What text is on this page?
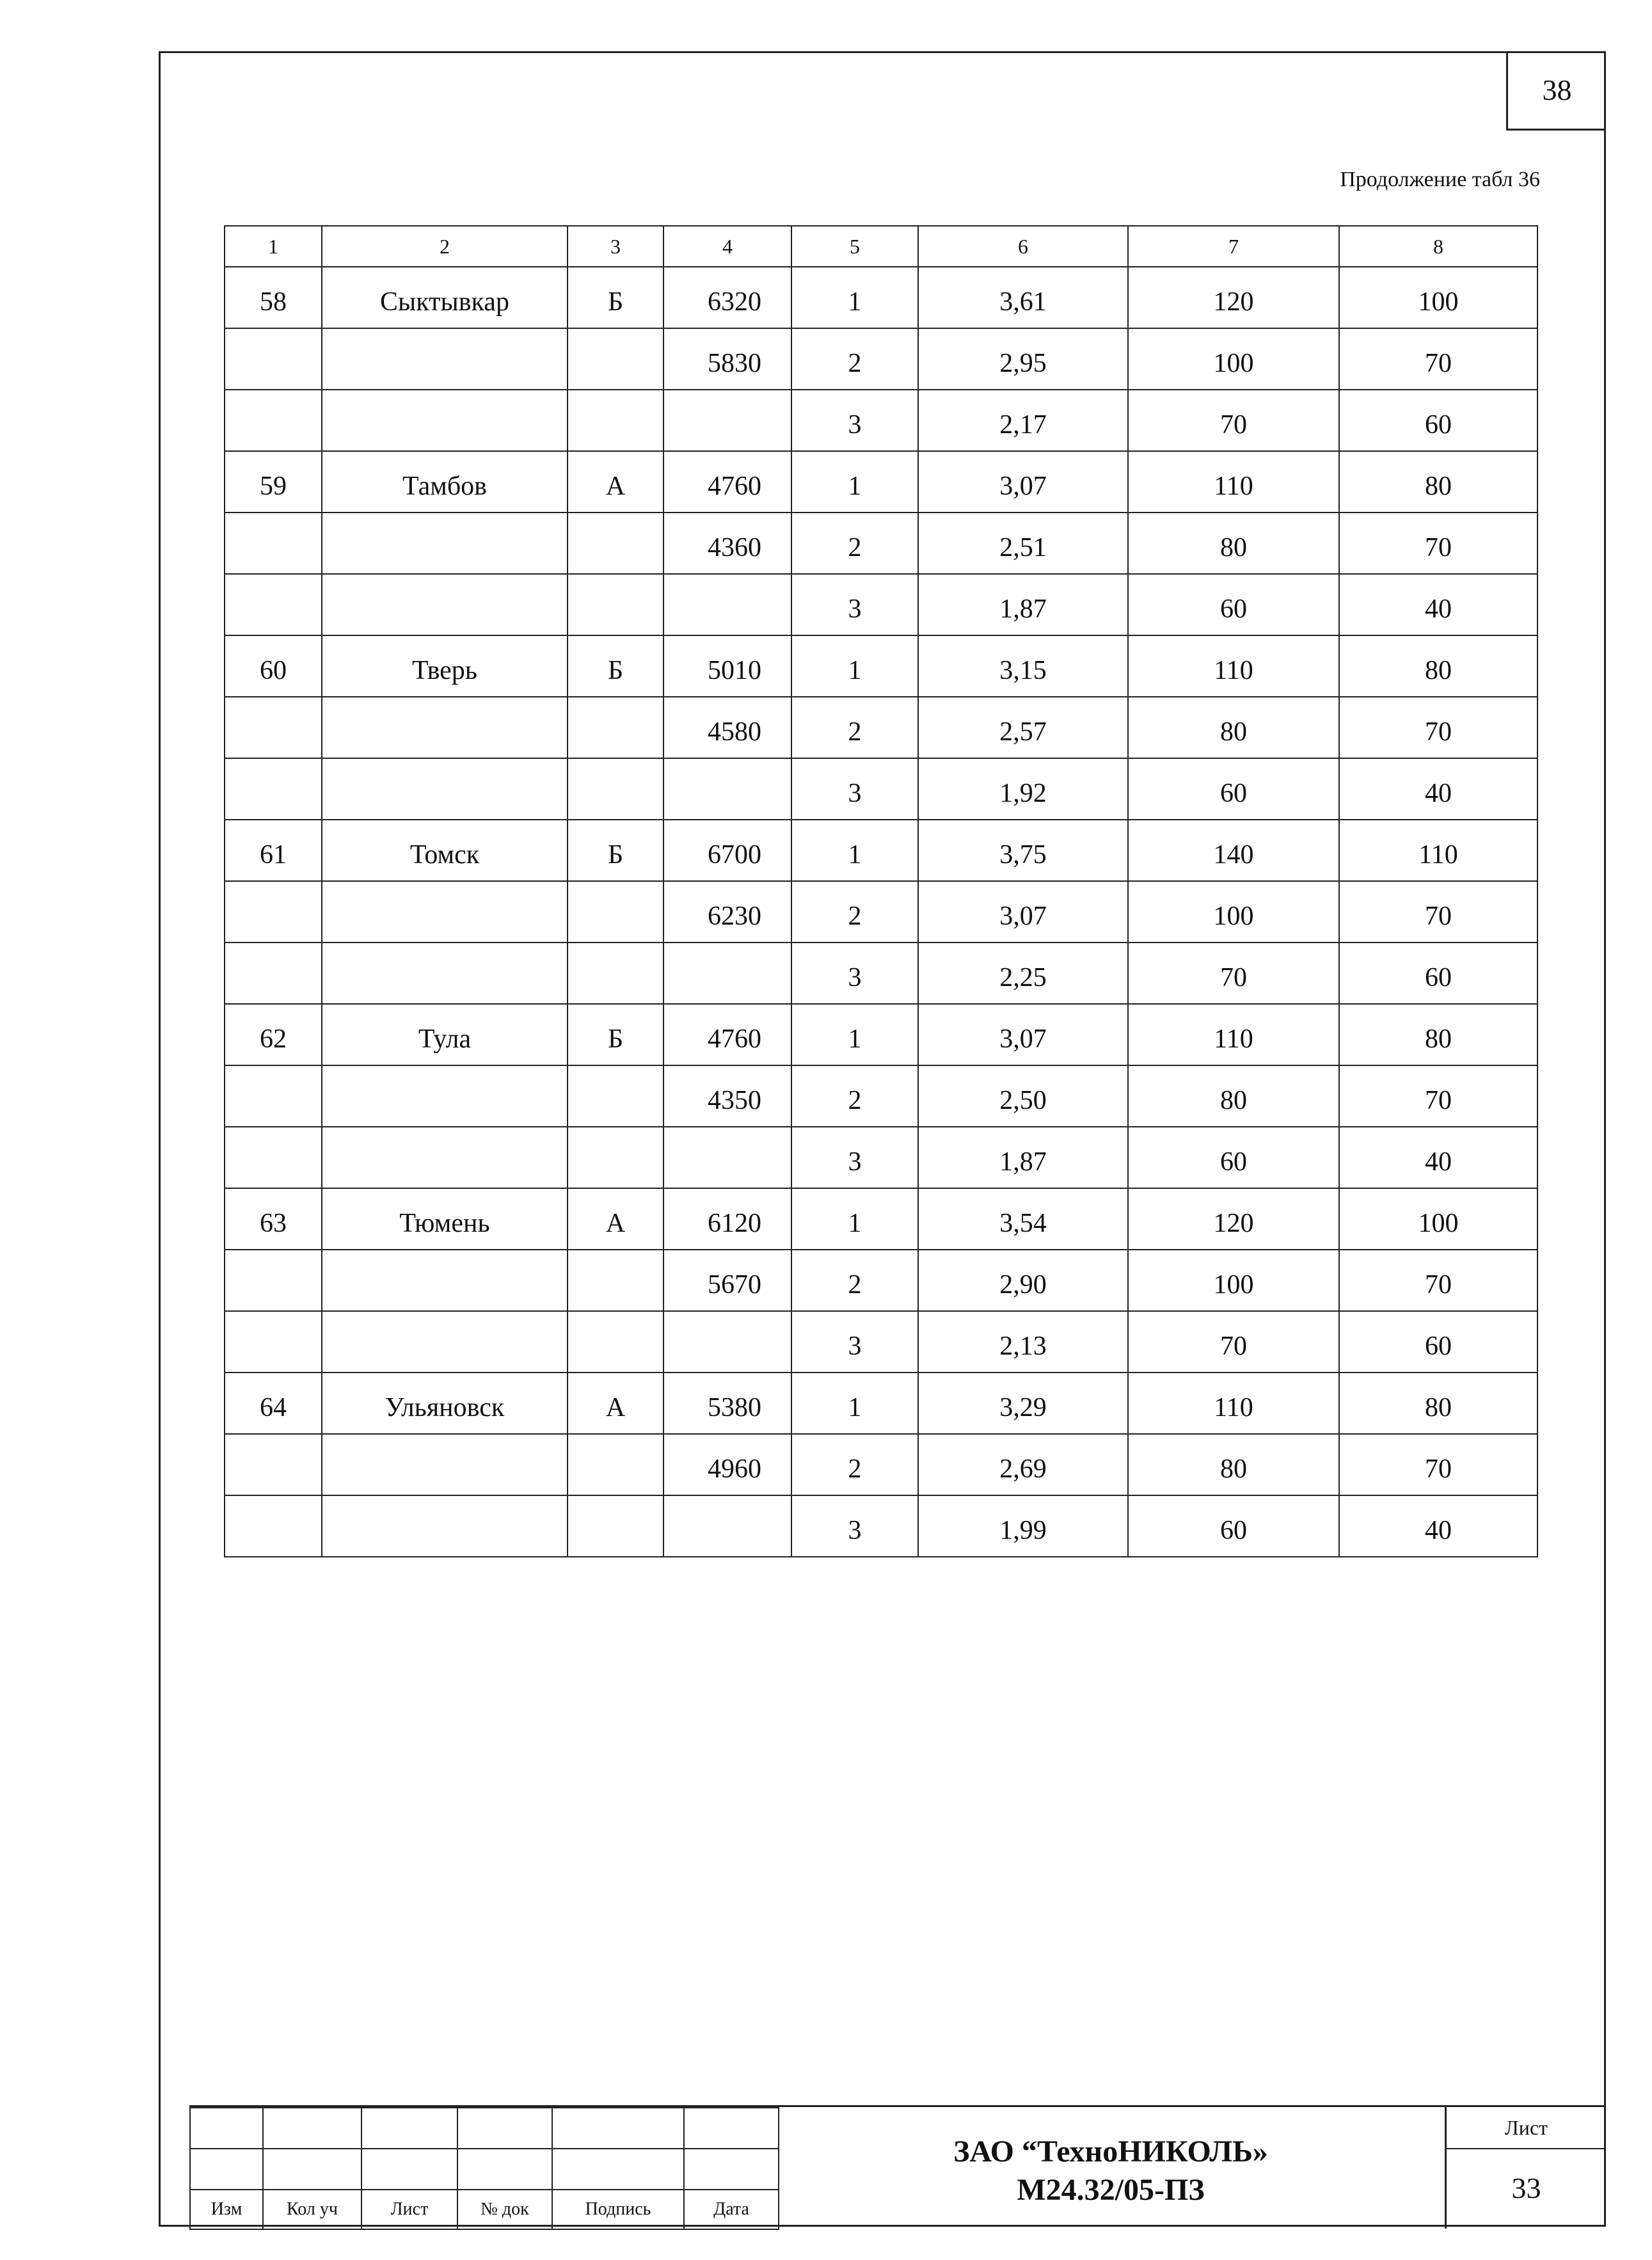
38
Продолжение табл 36
1	2	3	4	5	6	7	8
58	Сыктывкар	Б	6320	1	3,61	120	100
			5830	2	2,95	100	70
				3	2,17	70	60
59	Тамбов	А	4760	1	3,07	110	80
			4360	2	2,51	80	70
				3	1,87	60	40
60	Тверь	Б	5010	1	3,15	110	80
			4580	2	2,57	80	70
				3	1,92	60	40
61	Томск	Б	6700	1	3,75	140	110
			6230	2	3,07	100	70
				3	2,25	70	60
62	Тула	Б	4760	1	3,07	110	80
			4350	2	2,50	80	70
				3	1,87	60	40
63	Тюмень	А	6120	1	3,54	120	100
			5670	2	2,90	100	70
				3	2,13	70	60
64	Ульяновск	А	5380	1	3,29	110	80
			4960	2	2,69	80	70
				3	1,99	60	40

Изм	Кол уч	Лист	№ док	Подпись	Дата
ЗАО “ТехноНИКОЛЬ»
М24.32/05-ПЗ
Лист
33
